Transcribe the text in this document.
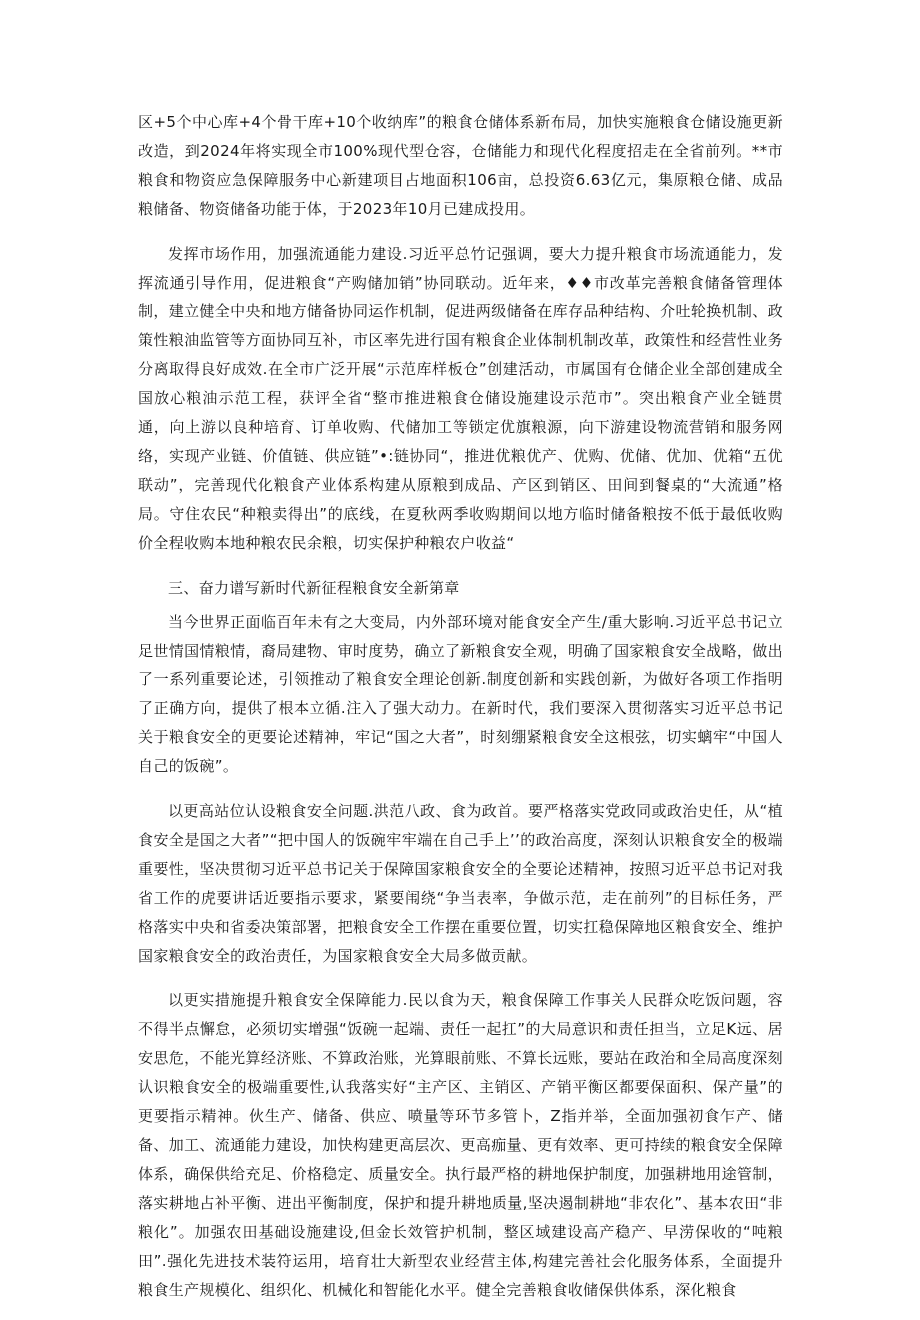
区+5个中心库+4个骨干库+10个收纳库”的粮食仓储体系新布局，加快实施粮食仓储设施更新改造，到2024年将实现全市100%现代型仓容，仓储能力和现代化程度招走在全省前列。**市粮食和物资应急保障服务中心新建项目占地面积106亩，总投资6.63亿元，集原粮仓储、成品粮储备、物资储备功能于体，于2023年10月已建成投用。

发挥市场作用，加强流通能力建设.习近平总竹记强调，要大力提升粮食市场流通能力，发挥流通引导作用，促进粮食“产购储加销”协同联动。近年来，♦♦市改革完善粮食储备管理体制，建立健全中央和地方储备协同运作机制，促进两级储备在库存品种结构、介吐轮换机制、政策性粮油监管等方面协同互补，市区率先进行国有粮食企业体制机制改革，政策性和经营性业务分离取得良好成效.在全市广泛开展“示范库样板仓”创建活动，市属国有仓储企业全部创建成全国放心粮油示范工程，获评全省“整市推进粮食仓储设施建设示范市”。突出粮食产业全链贯通，向上游以良种培育、订单收购、代储加工等锁定优旗粮源，向下游建设物流营销和服务网络，实现产业链、价值链、供应链”•:链协同“，推进优粮优产、优购、优储、优加、优箱“五优联动”，完善现代化粮食产业体系构建从原粮到成品、产区到销区、田间到餐桌的“大流通”格局。守住农民“种粮卖得出”的底线，在夏秋两季收购期间以地方临时储备粮按不低于最低收购价全程收购本地种粮农民余粮，切实保护种粮农户收益“

三、奋力谱写新时代新征程粮食安全新第章

当今世界正面临百年未有之大变局，内外部环境对能食安全产生/重大影响.习近平总书记立足世情国情粮情，裔局建物、审时度势，确立了新粮食安全观，明确了国家粮食安全战略，做出了一系列重要论述，引领推动了粮食安全理论创新.制度创新和实践创新，为做好各项工作指明了正确方向，提供了根本立循.注入了强大动力。在新时代，我们要深入贯彻落实习近平总书记关于粮食安全的更要论述精神，牢记“国之大者”，时刻绷紧粮食安全这根弦，切实螭牢“中国人自己的饭碗”。

以更高站位认设粮食安全问题.洪范八政、食为政首。要严格落实党政同或政治史任，从“植食安全是国之大者”“把中国人的饭碗牢牢端在自己手上’’的政治高度，深刻认识粮食安全的极端重要性，坚决贯彻习近平总书记关于保障国家粮食安全的全要论述精神，按照习近平总书记对我省工作的虎要讲话近要指示要求，紧要闱绕“争当表率，争做示范，走在前列”的目标任务，严格落实中央和省委决策部署，把粮食安全工作摆在重要位置，切实扛稳保障地区粮食安全、维护国家粮食安全的政治责任，为国家粮食安全大局多做贡献。

以更实措施提升粮食安全保障能力.民以食为天，粮食保障工作事关人民群众吃饭问题，容不得半点懈怠，必须切实增强“饭碗一起端、责任一起扛”的大局意识和责任担当，立足K远、居安思危，不能光算经济账、不算政治账，光算眼前账、不算长远账，要站在政治和全局高度深刻认识粮食安全的极端重要性,认我落实好“主产区、主销区、产销平衡区都要保面积、保产量”的更要指示精神。伙生产、储备、供应、喷量等环节多管卜，Z指并举，全面加强初食乍产、储备、加工、流通能力建设，加快构建更高层次、更高痂量、更有效率、更可持续的粮食安全保障体系，确保供给充足、价格稳定、质量安全。执行最严格的耕地保护制度，加强耕地用途管制，落实耕地占补平衡、进出平衡制度，保护和提升耕地质量,坚决遏制耕地“非农化”、基本农田“非粮化”。加强农田基础设施建设,但金长效管护机制，整区域建设高产稳产、早涝保收的“吨粮田”.强化先进技术装符运用，培育壮大新型农业经营主体,构建完善社会化服务体系，全面提升粮食生产规模化、组织化、机械化和智能化水平。健全完善粮食收储保供体系，深化粮食
